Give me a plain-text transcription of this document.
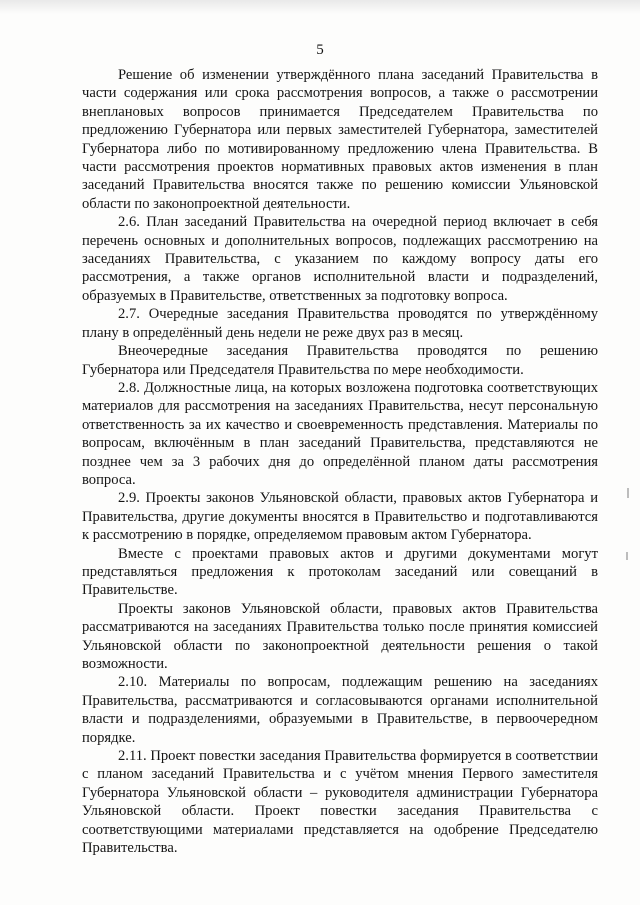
5

Решение об изменении утверждённого плана заседаний Правительства в части содержания или срока рассмотрения вопросов, а также о рассмотрении внеплановых вопросов принимается Председателем Правительства по предложению Губернатора или первых заместителей Губернатора, заместителей Губернатора либо по мотивированному предложению члена Правительства. В части рассмотрения проектов нормативных правовых актов изменения в план заседаний Правительства вносятся также по решению комиссии Ульяновской области по законопроектной деятельности.

2.6. План заседаний Правительства на очередной период включает в себя перечень основных и дополнительных вопросов, подлежащих рассмотрению на заседаниях Правительства, с указанием по каждому вопросу даты его рассмотрения, а также органов исполнительной власти и подразделений, образуемых в Правительстве, ответственных за подготовку вопроса.

2.7. Очередные заседания Правительства проводятся по утверждённому плану в определённый день недели не реже двух раз в месяц.

Внеочередные заседания Правительства проводятся по решению Губернатора или Председателя Правительства по мере необходимости.

2.8. Должностные лица, на которых возложена подготовка соответствующих материалов для рассмотрения на заседаниях Правительства, несут персональную ответственность за их качество и своевременность представления. Материалы по вопросам, включённым в план заседаний Правительства, представляются не позднее чем за 3 рабочих дня до определённой планом даты рассмотрения вопроса.

2.9. Проекты законов Ульяновской области, правовых актов Губернатора и Правительства, другие документы вносятся в Правительство и подготавливаются к рассмотрению в порядке, определяемом правовым актом Губернатора.

Вместе с проектами правовых актов и другими документами могут представляться предложения к протоколам заседаний или совещаний в Правительстве.

Проекты законов Ульяновской области, правовых актов Правительства рассматриваются на заседаниях Правительства только после принятия комиссией Ульяновской области по законопроектной деятельности решения о такой возможности.

2.10. Материалы по вопросам, подлежащим решению на заседаниях Правительства, рассматриваются и согласовываются органами исполнительной власти и подразделениями, образуемыми в Правительстве, в первоочередном порядке.

2.11. Проект повестки заседания Правительства формируется в соответствии с планом заседаний Правительства и с учётом мнения Первого заместителя Губернатора Ульяновской области – руководителя администрации Губернатора Ульяновской области. Проект повестки заседания Правительства с соответствующими материалами представляется на одобрение Председателю Правительства.
